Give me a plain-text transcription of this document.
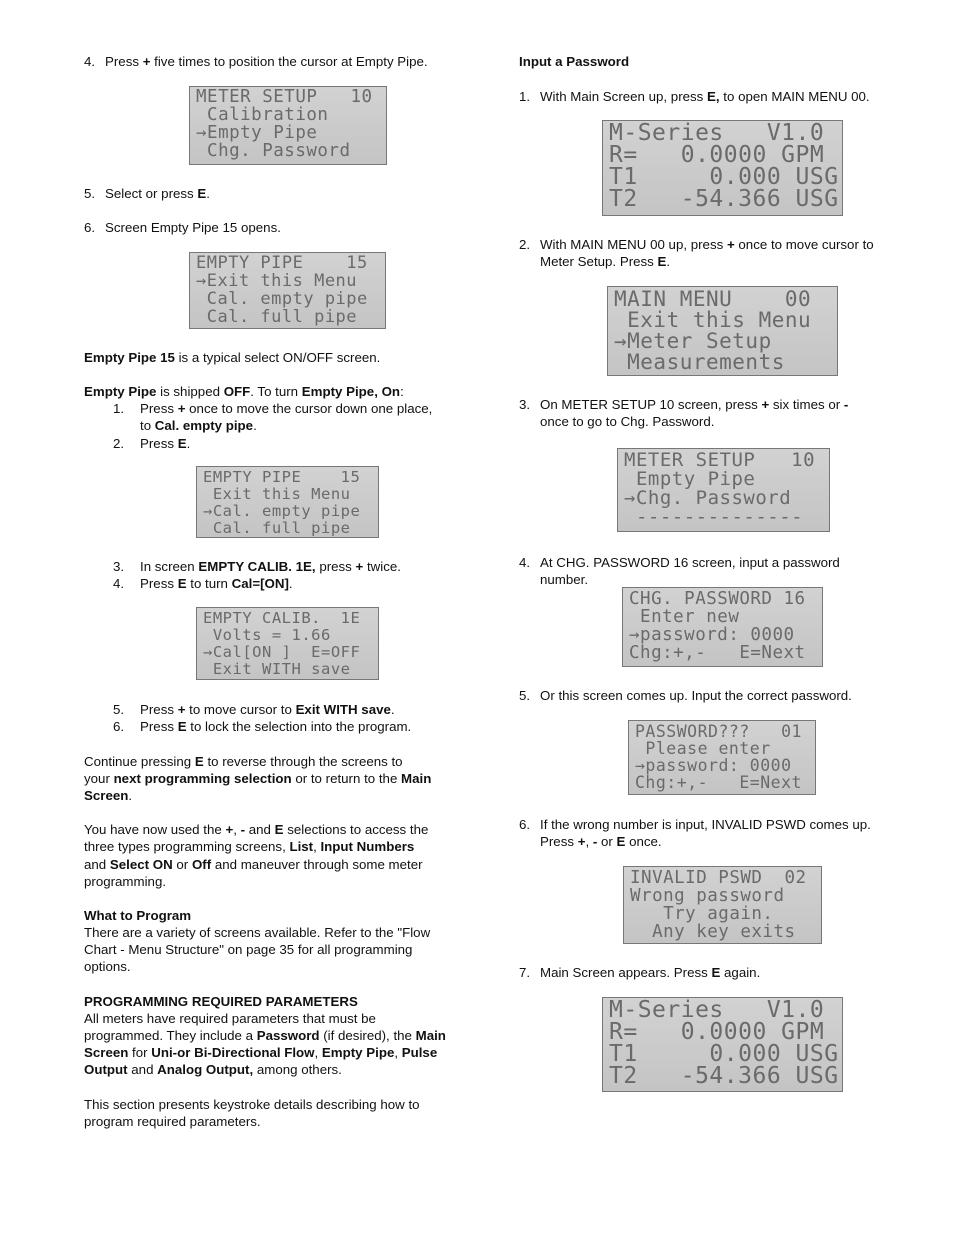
4. Press + five times to position the cursor at Empty Pipe.

METER SETUP   10
Calibration
→Empty Pipe
Chg. Password
5. Select or press E.

6. Screen Empty Pipe 15 opens.

EMPTY PIPE    15
→Exit this Menu
Cal. empty pipe
Cal. full pipe

Empty Pipe 15 is a typical select ON/OFF screen.

Empty Pipe is shipped OFF. To turn Empty Pipe, On:

1. Press + once to move the cursor down one place,

to Cal. empty pipe.

2. Press E.

EMPTY PIPE    15
Exit this Menu
→Cal. empty pipe
Cal. full pipe
3. In screen EMPTY CALIB. 1E, press + twice.

4. Press E to turn Cal=[ON].

EMPTY CALIB.  1E
Volts = 1.66
→Cal[ON ]  E=OFF
Exit WITH save
5. Press + to move cursor to Exit WITH save.

6. Press E to lock the selection into the program.

Continue pressing E to reverse through the screens to

your next programming selection or to return to the Main

Screen.

You have now used the +, - and E selections to access the

three types programming screens, List, Input Numbers

and Select ON or Off and maneuver through some meter

programming.

What to Program

There are a variety of screens available. Refer to the "Flow

Chart - Menu Structure" on page 35 for all programming

options.

PROGRAMMING REQUIRED PARAMETERS

All meters have required parameters that must be

programmed. They include a Password (if desired), the Main

Screen for Uni-or Bi-Directional Flow, Empty Pipe, Pulse

Output and Analog Output, among others.

This section presents keystroke details describing how to

program required parameters.

Input a Password

1. With Main Screen up, press E, to open MAIN MENU 00.

M-Series   V1.0
R=   0.0000 GPM
T1     0.000 USG
T2   -54.366 USG
2. With MAIN MENU 00 up, press + once to move cursor to

Meter Setup. Press E.

MAIN MENU    00
Exit this Menu
→Meter Setup
Measurements
3. On METER SETUP 10 screen, press + six times or -

once to go to Chg. Password.

METER SETUP   10
Empty Pipe
→Chg. Password
--------------
4. At CHG. PASSWORD 16 screen, input a password

number.

CHG. PASSWORD 16
Enter new
→password: 0000
Chg:+,-   E=Next
5. Or this screen comes up. Input the correct password.

PASSWORD???   01
Please enter
→password: 0000
Chg:+,-   E=Next
6. If the wrong number is input, INVALID PSWD comes up.

Press +, - or E once.

INVALID PSWD  02
Wrong password
Try again.
Any key exits
7. Main Screen appears. Press E again.

M-Series   V1.0
R=   0.0000 GPM
T1     0.000 USG
T2   -54.366 USG
